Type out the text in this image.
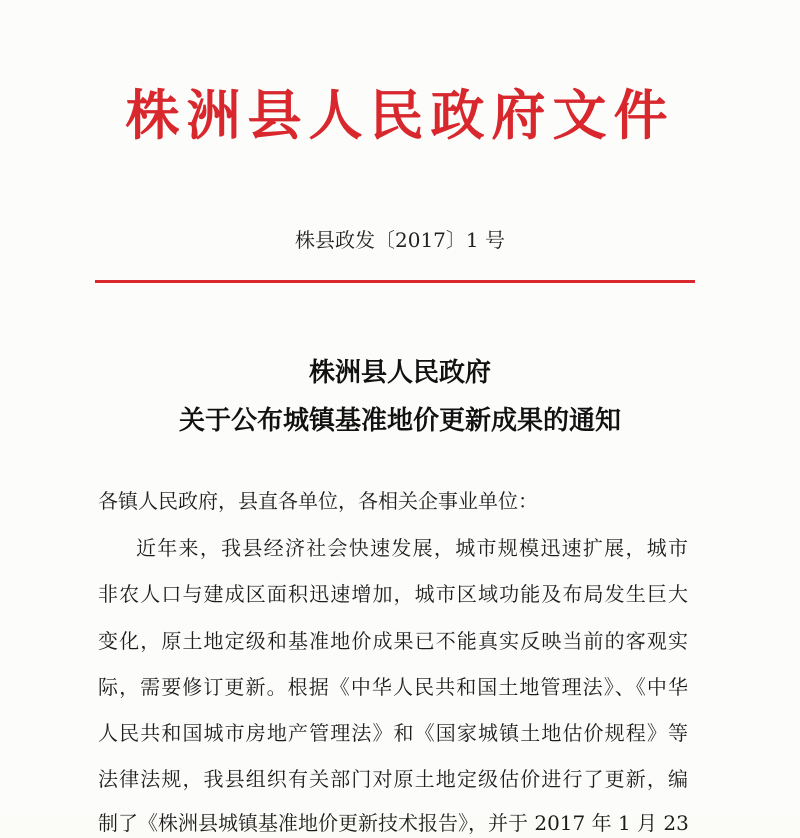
株洲县人民政府文件
株县政发〔2017〕1 号
株洲县人民政府
关于公布城镇基准地价更新成果的通知
各镇人民政府，县直各单位，各相关企事业单位：
近年来，我县经济社会快速发展，城市规模迅速扩展，城市
非农人口与建成区面积迅速增加，城市区域功能及布局发生巨大
变化，原土地定级和基准地价成果已不能真实反映当前的客观实
际，需要修订更新。根据《中华人民共和国土地管理法》、《中华
人民共和国城市房地产管理法》和《国家城镇土地估价规程》等
法律法规，我县组织有关部门对原土地定级估价进行了更新，编
制了《株洲县城镇基准地价更新技术报告》，并于 2017 年 1 月 23
